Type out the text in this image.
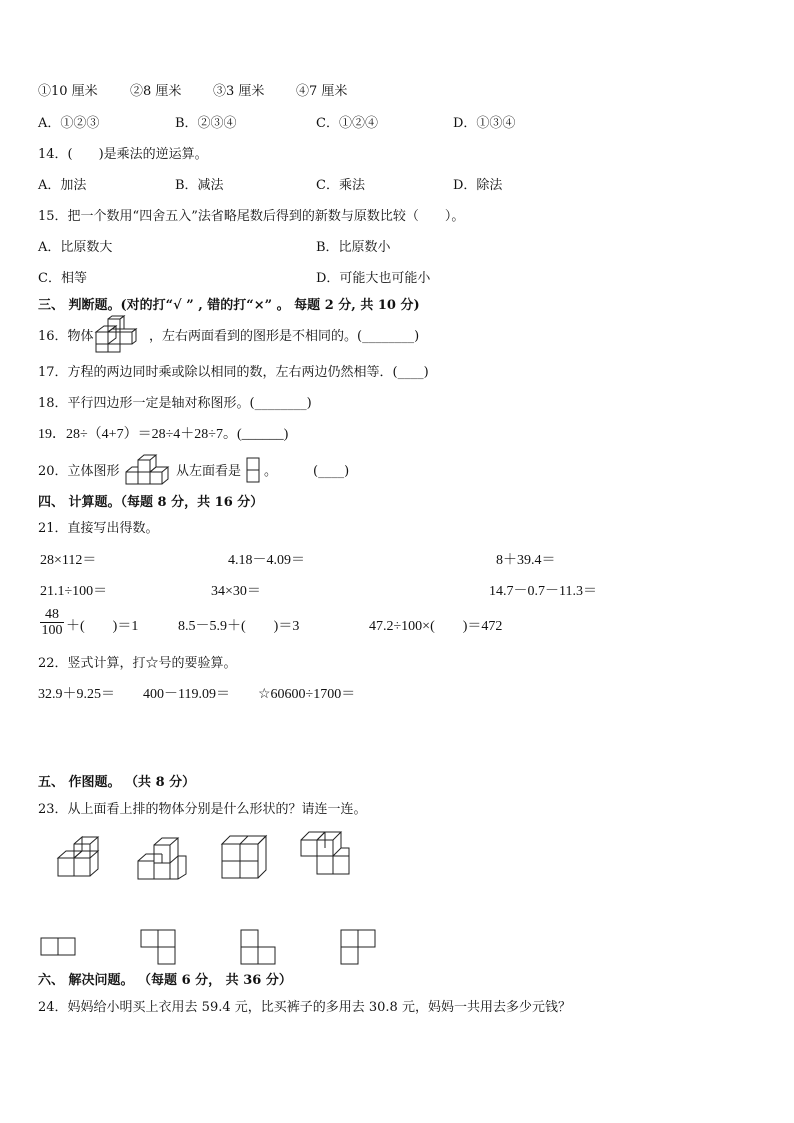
①10 厘米 ②8 厘米 ③3 厘米 ④7 厘米
A．①②③	B．②③④	C．①②④	D．①③④
14．(　　)是乘法的逆运算。
A．加法	B．减法	C．乘法	D．除法
15．把一个数用“四舍五入”法省略尾数后得到的新数与原数比较（　　）。
A．比原数大	B．比原数小
C．相等	D．可能大也可能小
三、 判断题。(对的打“√ ” , 错的打“×” 。 每题 2 分, 共 10 分)
16．物体	，左右两面看到的图形是不相同的。(________)
17．方程的两边同时乘或除以相同的数，左右两边仍然相等．(____)
18．平行四边形一定是轴对称图形。(________)
19．28÷（4+7）＝28÷4＋28÷7。(______)
20．立体图形	从左面看是 。	(____)
四、 计算题。（每题 8 分，共 16 分）
21．直接写出得数。
28×112＝	4.18－4.09＝	8＋39.4＝
21.1÷100＝	34×30＝	14.7－0.7－11.3＝
$\frac{48}{100}$ ＋(　　)＝1	8.5－5.9＋(　　)＝3	47.2÷100×(　　)＝472
22．竖式计算，打☆号的要验算。
32.9＋9.25＝ 400－119.09＝ ☆60600÷1700＝
五、 作图题。 （共 8 分）
23．从上面看上排的物体分别是什么形状的？请连一连。
六、 解决问题。 （每题 6 分， 共 36 分）
24．妈妈给小明买上衣用去 59.4 元，比买裤子的多用去 30.8 元，妈妈一共用去多少元钱？
